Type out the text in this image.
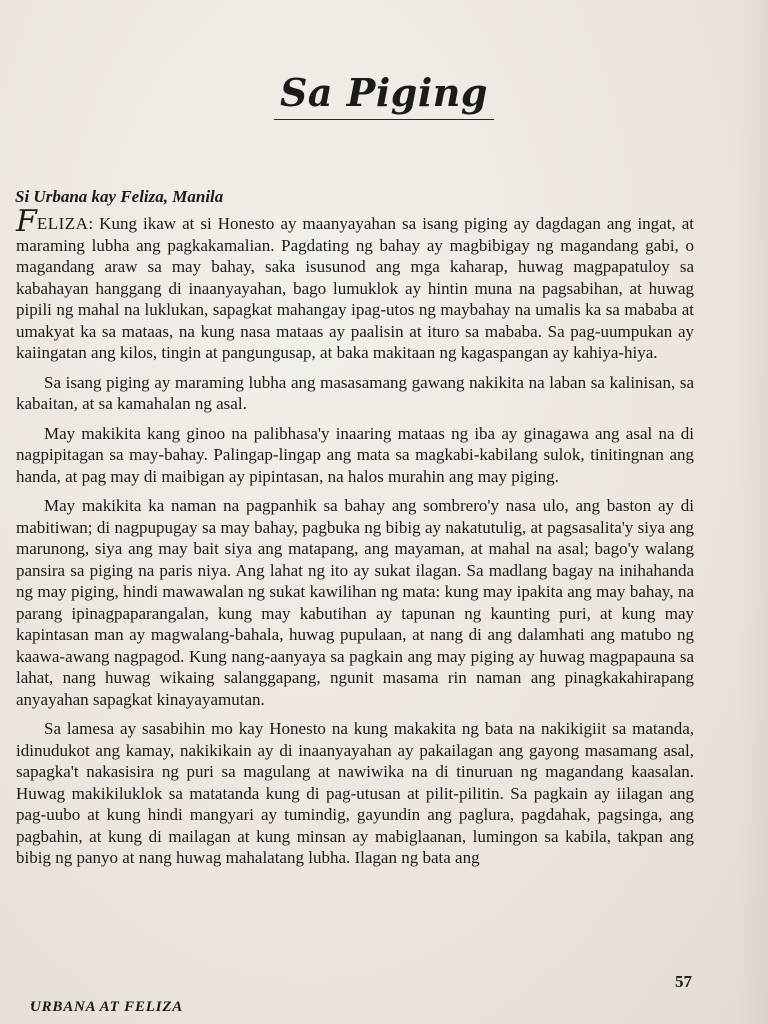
Sa Piging
Si Urbana kay Feliza, Manila

FELIZA: Kung ikaw at si Honesto ay maanyayahan sa isang piging ay dagdagan ang ingat, at maraming lubha ang pagkakamalian. Pagdating ng bahay ay magbibigay ng magandang gabi, o magandang araw sa may bahay, saka isusunod ang mga kaharap, huwag magpapatuloy sa kabahayan hanggang di inaanyayahan, bago lumuklok ay hintin muna na pagsabihan, at huwag pipili ng mahal na luklukan, sapagkat mahangay ipag-utos ng maybahay na umalis ka sa mababa at umakyat ka sa mataas, na kung nasa mataas ay paalisin at ituro sa mababa. Sa pag-uumpukan ay kaiingatan ang kilos, tingin at pangungusap, at baka makitaan ng kagaspangan ay kahiya-hiya.

Sa isang piging ay maraming lubha ang masasamang gawang nakikita na laban sa kalinisan, sa kabaitan, at sa kamahalan ng asal.

May makikita kang ginoo na palibhasa'y inaaring mataas ng iba ay ginagawa ang asal na di nagpipitagan sa may-bahay. Palingap-lingap ang mata sa magkabi-kabilang sulok, tinitingnan ang handa, at pag may di maibigan ay pipintasan, na halos murahin ang may piging.

May makikita ka naman na pagpanhik sa bahay ang sombrero'y nasa ulo, ang baston ay di mabitiwan; di nagpupugay sa may bahay, pagbuka ng bibig ay nakatutulig, at pagsasalita'y siya ang marunong, siya ang may bait siya ang matapang, ang mayaman, at mahal na asal; bago'y walang pansira sa piging na paris niya. Ang lahat ng ito ay sukat ilagan. Sa madlang bagay na inihahanda ng may piging, hindi mawawalan ng sukat kawilihan ng mata: kung may ipakita ang may bahay, na parang ipinagpaparangalan, kung may kabutihan ay tapunan ng kaunting puri, at kung may kapintasan man ay magwalang-bahala, huwag pupulaan, at nang di ang dalamhati ang matubo ng kaawa-awang nagpagod. Kung nang-aanyaya sa pagkain ang may piging ay huwag magpapauna sa lahat, nang huwag wikaing salanggapang, ngunit masama rin naman ang pinagkakahirapang anyayahan sapagkat kinayayamutan.

Sa lamesa ay sasabihin mo kay Honesto na kung makakita ng bata na nakikigiit sa matanda, idinudukot ang kamay, nakikikain ay di inaanyayahan ay pakailagan ang gayong masamang asal, sapagka't nakasisira ng puri sa magulang at nawiwika na di tinuruan ng magandang kaasalan. Huwag makikiluklok sa matatanda kung di pag-utusan at pilit-pilitin. Sa pagkain ay iilagan ang pag-uubo at kung hindi mangyari ay tumindig, gayundin ang paglura, pagdahak, pagsinga, ang pagbahin, at kung di mailagan at kung minsan ay mabiglaanan, lumingon sa kabila, takpan ang bibig ng panyo at nang huwag mahalatang lubha. Ilagan ng bata ang

57
URBANA AT FELIZA
